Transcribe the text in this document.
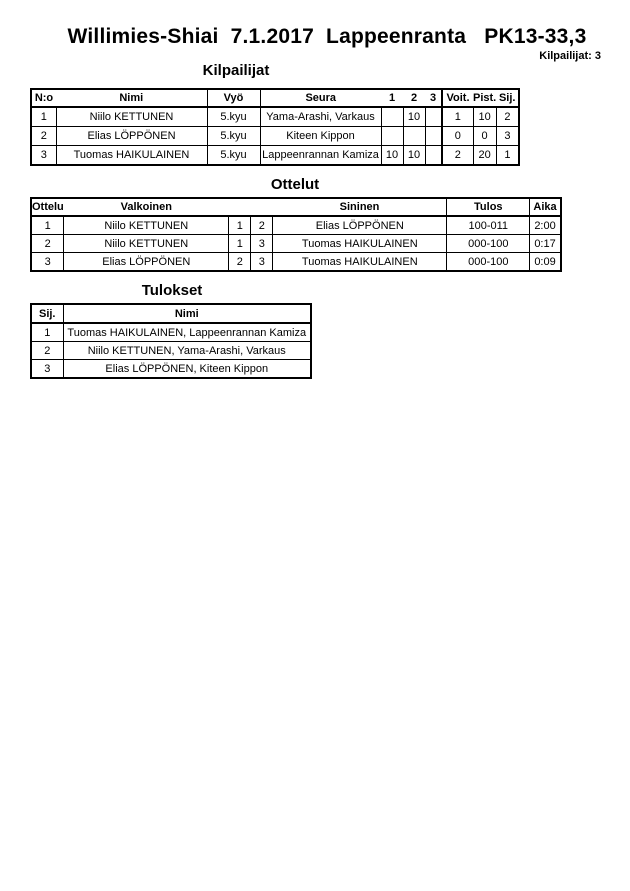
Willimies-Shiai  7.1.2017  Lappeenranta   PK13-33,3
Kilpailijat: 3
Kilpailijat
N:o	Nimi	Vyö	Seura	1	2	3	Voit.	Pist.	Sij.
1	Niilo KETTUNEN	5.kyu	Yama-Arashi, Varkaus		10		1	10	2
2	Elias LÖPPÖNEN	5.kyu	Kiteen Kippon				0	0	3
3	Tuomas HAIKULAINEN	5.kyu	Lappeenrannan Kamiza	10	10		2	20	1
Ottelut
Ottelu	Valkoinen			Sininen	Tulos	Aika
1	Niilo KETTUNEN	1	2	Elias LÖPPÖNEN	100-011	2:00
2	Niilo KETTUNEN	1	3	Tuomas HAIKULAINEN	000-100	0:17
3	Elias LÖPPÖNEN	2	3	Tuomas HAIKULAINEN	000-100	0:09
Tulokset
Sij.	Nimi
1	Tuomas HAIKULAINEN, Lappeenrannan Kamiza
2	Niilo KETTUNEN, Yama-Arashi, Varkaus
3	Elias LÖPPÖNEN, Kiteen Kippon
